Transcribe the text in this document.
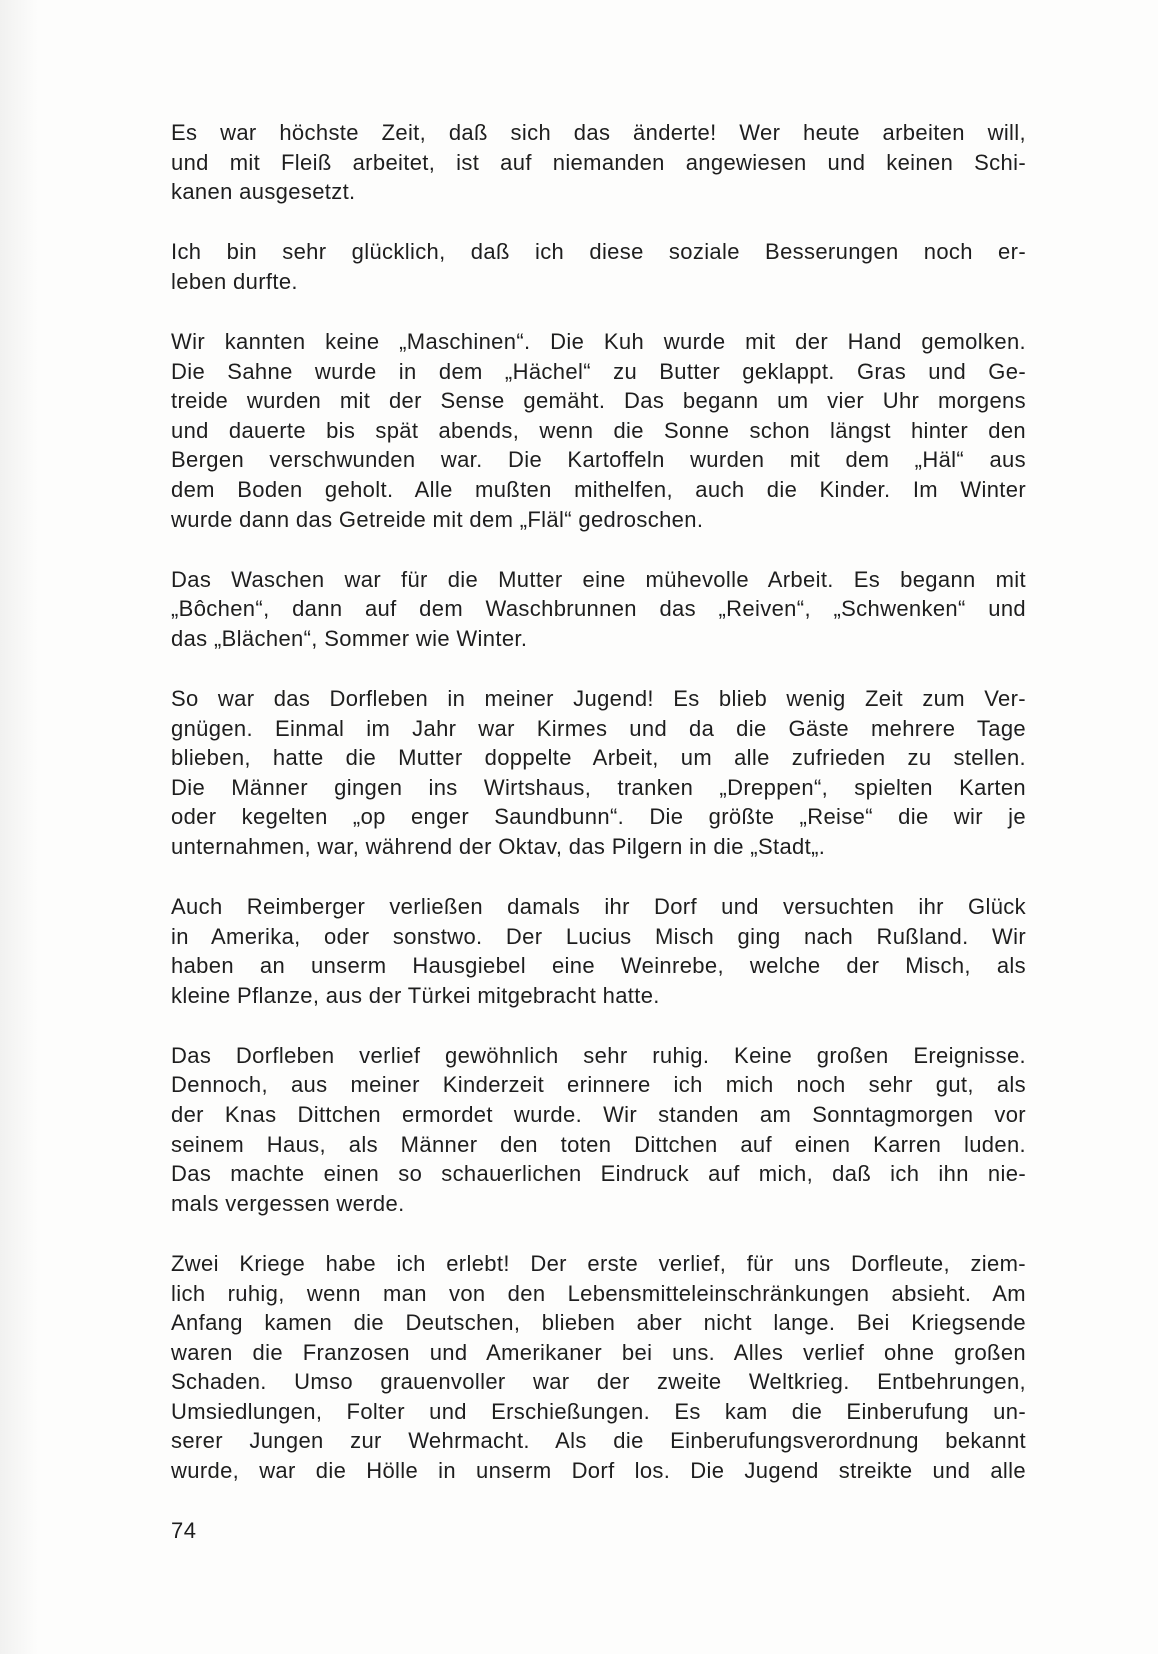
Es war höchste Zeit, daß sich das änderte! Wer heute arbeiten will,
und mit Fleiß arbeitet, ist auf niemanden angewiesen und keinen Schi-
kanen ausgesetzt.
Ich bin sehr glücklich, daß ich diese soziale Besserungen noch er-
leben durfte.
Wir kannten keine „Maschinen“. Die Kuh wurde mit der Hand gemolken.
Die Sahne wurde in dem „Hächel“ zu Butter geklappt. Gras und Ge-
treide wurden mit der Sense gemäht. Das begann um vier Uhr morgens
und dauerte bis spät abends, wenn die Sonne schon längst hinter den
Bergen verschwunden war. Die Kartoffeln wurden mit dem „Häl“ aus
dem Boden geholt. Alle mußten mithelfen, auch die Kinder. Im Winter
wurde dann das Getreide mit dem „Fläl“ gedroschen.
Das Waschen war für die Mutter eine mühevolle Arbeit. Es begann mit
„Bôchen“, dann auf dem Waschbrunnen das „Reiven“, „Schwenken“ und
das „Blächen“, Sommer wie Winter.
So war das Dorfleben in meiner Jugend! Es blieb wenig Zeit zum Ver-
gnügen. Einmal im Jahr war Kirmes und da die Gäste mehrere Tage
blieben, hatte die Mutter doppelte Arbeit, um alle zufrieden zu stellen.
Die Männer gingen ins Wirtshaus, tranken „Dreppen“, spielten Karten
oder kegelten „op enger Saundbunn“. Die größte „Reise“ die wir je
unternahmen, war, während der Oktav, das Pilgern in die „Stadt„.
Auch Reimberger verließen damals ihr Dorf und versuchten ihr Glück
in Amerika, oder sonstwo. Der Lucius Misch ging nach Rußland. Wir
haben an unserm Hausgiebel eine Weinrebe, welche der Misch, als
kleine Pflanze, aus der Türkei mitgebracht hatte.
Das Dorfleben verlief gewöhnlich sehr ruhig. Keine großen Ereignisse.
Dennoch, aus meiner Kinderzeit erinnere ich mich noch sehr gut, als
der Knas Dittchen ermordet wurde. Wir standen am Sonntagmorgen vor
seinem Haus, als Männer den toten Dittchen auf einen Karren luden.
Das machte einen so schauerlichen Eindruck auf mich, daß ich ihn nie-
mals vergessen werde.
Zwei Kriege habe ich erlebt! Der erste verlief, für uns Dorfleute, ziem-
lich ruhig, wenn man von den Lebensmitteleinschränkungen absieht. Am
Anfang kamen die Deutschen, blieben aber nicht lange. Bei Kriegsende
waren die Franzosen und Amerikaner bei uns. Alles verlief ohne großen
Schaden. Umso grauenvoller war der zweite Weltkrieg. Entbehrungen,
Umsiedlungen, Folter und Erschießungen. Es kam die Einberufung un-
serer Jungen zur Wehrmacht. Als die Einberufungsverordnung bekannt
wurde, war die Hölle in unserm Dorf los. Die Jugend streikte und alle
74
